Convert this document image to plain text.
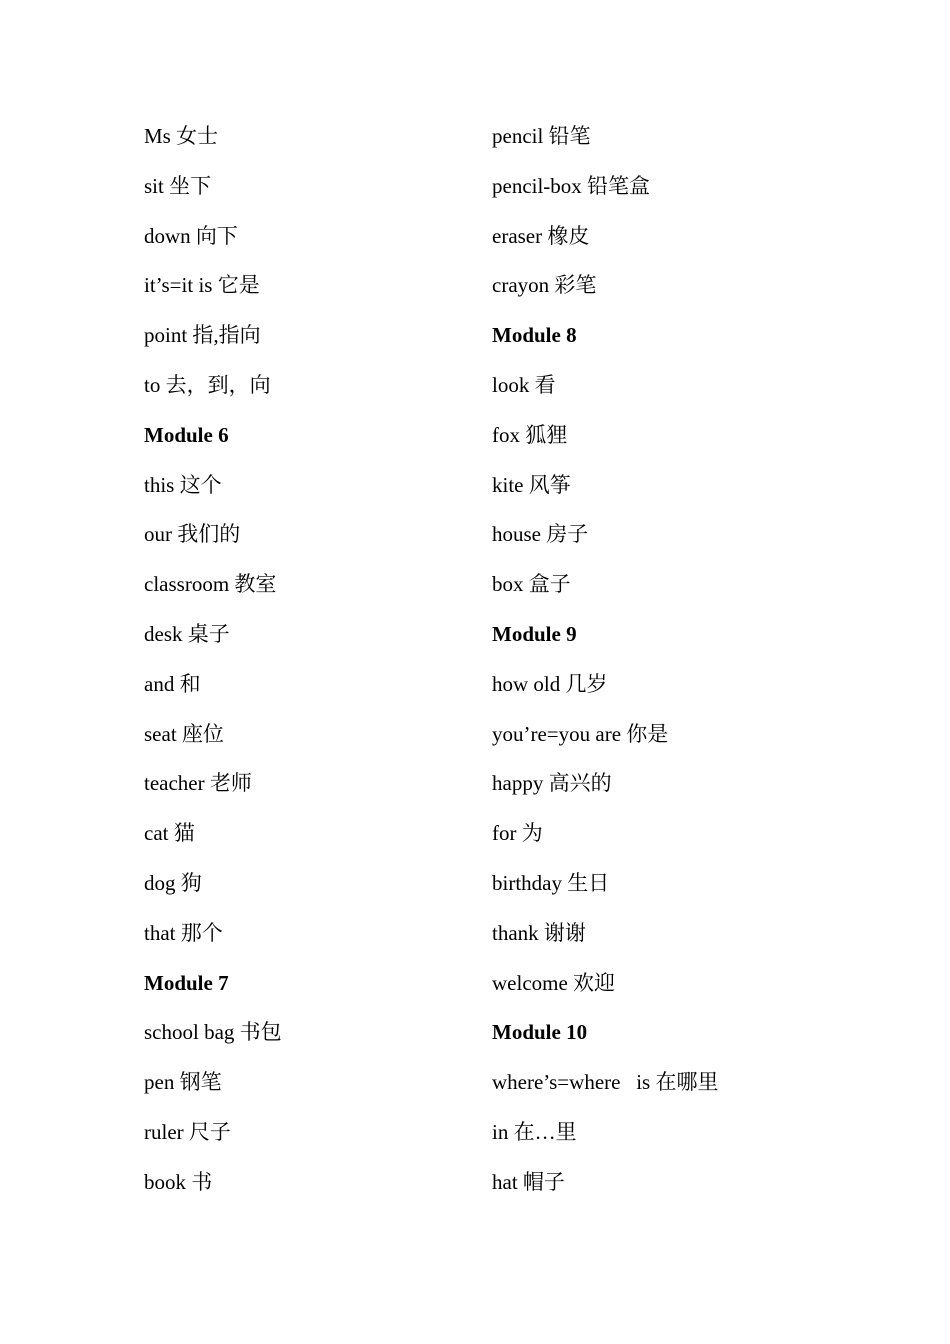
Ms 女士
sit 坐下
down 向下
it’s=it is 它是
point 指,指向
to 去，到，向
Module 6
this 这个
our 我们的
classroom 教室
desk 桌子
and 和
seat 座位
teacher 老师
cat 猫
dog 狗
that 那个
Module 7
school bag 书包
pen 钢笔
ruler 尺子
book 书
pencil 铅笔
pencil-box 铅笔盒
eraser 橡皮
crayon 彩笔
Module 8
look 看
fox 狐狸
kite 风筝
house 房子
box 盒子
Module 9
how old 几岁
you’re=you are 你是
happy 高兴的
for 为
birthday 生日
thank 谢谢
welcome 欢迎
Module 10
where’s=where   is 在哪里
in 在…里
hat 帽子
